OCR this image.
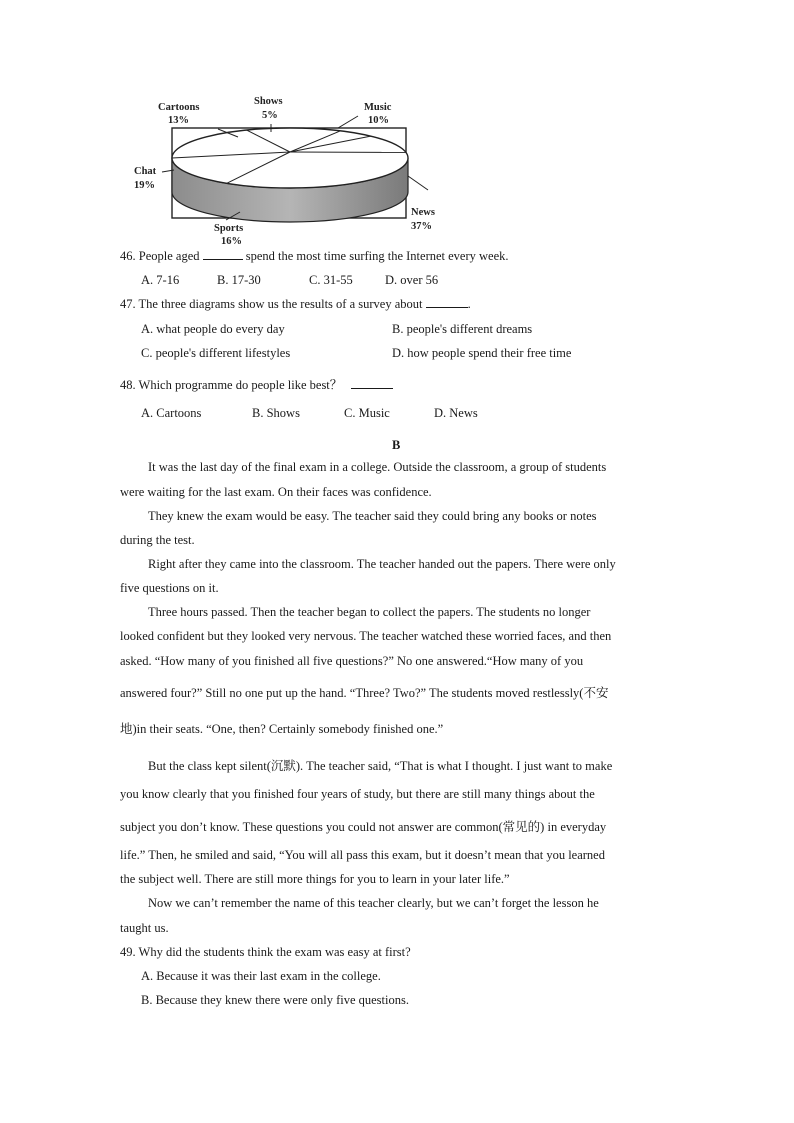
Cartoons
13%
Shows
5%
Music
10%
News
37%
Sports
16%
Chat
19%
46. People aged	spend the most time surfing the Internet every week.
A. 7-16	B. 17-30	C. 31-55	D. over 56
47. The three diagrams show us the results of a survey about	.
A. what people do every day	B. people's different dreams
C. people's different lifestyles	D. how people spend their free time
48. Which programme do people like best？
A. Cartoons	B. Shows	C. Music	D. News
B
It was the last day of the final exam in a college. Outside the classroom, a group of students
were waiting for the last exam. On their faces was confidence.
They knew the exam would be easy. The teacher said they could bring any books or notes
during the test.
Right after they came into the classroom. The teacher handed out the papers. There were only
five questions on it.
Three hours passed. Then the teacher began to collect the papers. The students no longer
looked confident but they looked very nervous. The teacher watched these worried faces, and then
asked. “How many of you finished all five questions?” No one answered.“How many of you
answered four?” Still no one put up the hand. “Three? Two?” The students moved restlessly(不安
地)in their seats. “One, then? Certainly somebody finished one.”
But the class kept silent(沉默). The teacher said, “That is what I thought. I just want to make
you know clearly that you finished four years of study, but there are still many things about the
subject you don’t know. These questions you could not answer are common(常见的) in everyday
life.” Then, he smiled and said, “You will all pass this exam, but it doesn’t mean that you learned
the subject well. There are still more things for you to learn in your later life.”
Now we can’t remember the name of this teacher clearly, but we can’t forget the lesson he
taught us.
49. Why did the students think the exam was easy at first?
A. Because it was their last exam in the college.
B. Because they knew there were only five questions.
